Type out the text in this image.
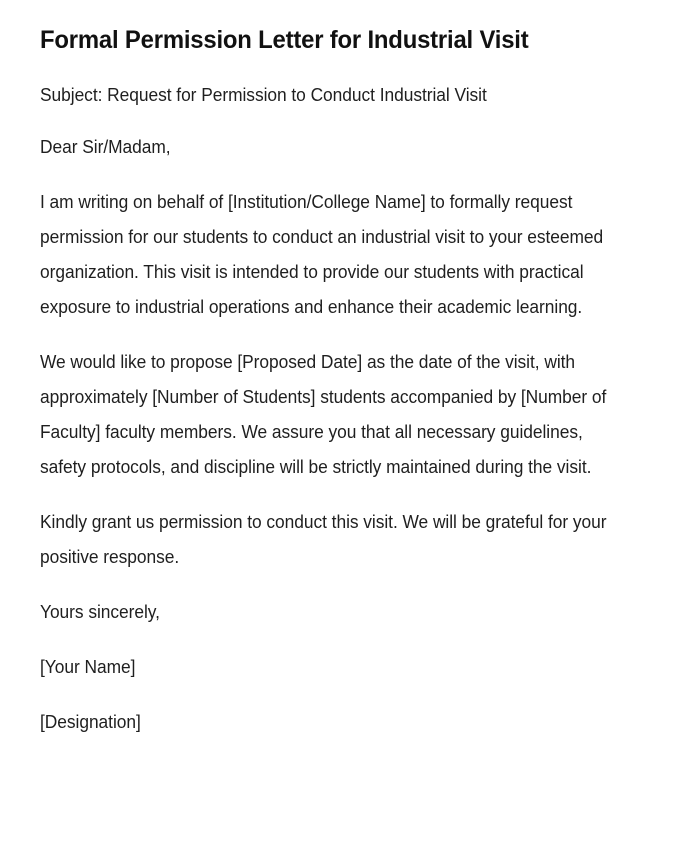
Formal Permission Letter for Industrial Visit

Subject: Request for Permission to Conduct Industrial Visit

Dear Sir/Madam,

I am writing on behalf of [Institution/College Name] to formally request permission for our students to conduct an industrial visit to your esteemed organization. This visit is intended to provide our students with practical exposure to industrial operations and enhance their academic learning.

We would like to propose [Proposed Date] as the date of the visit, with approximately [Number of Students] students accompanied by [Number of Faculty] faculty members. We assure you that all necessary guidelines, safety protocols, and discipline will be strictly maintained during the visit.

Kindly grant us permission to conduct this visit. We will be grateful for your positive response.

Yours sincerely,

[Your Name]

[Designation]
